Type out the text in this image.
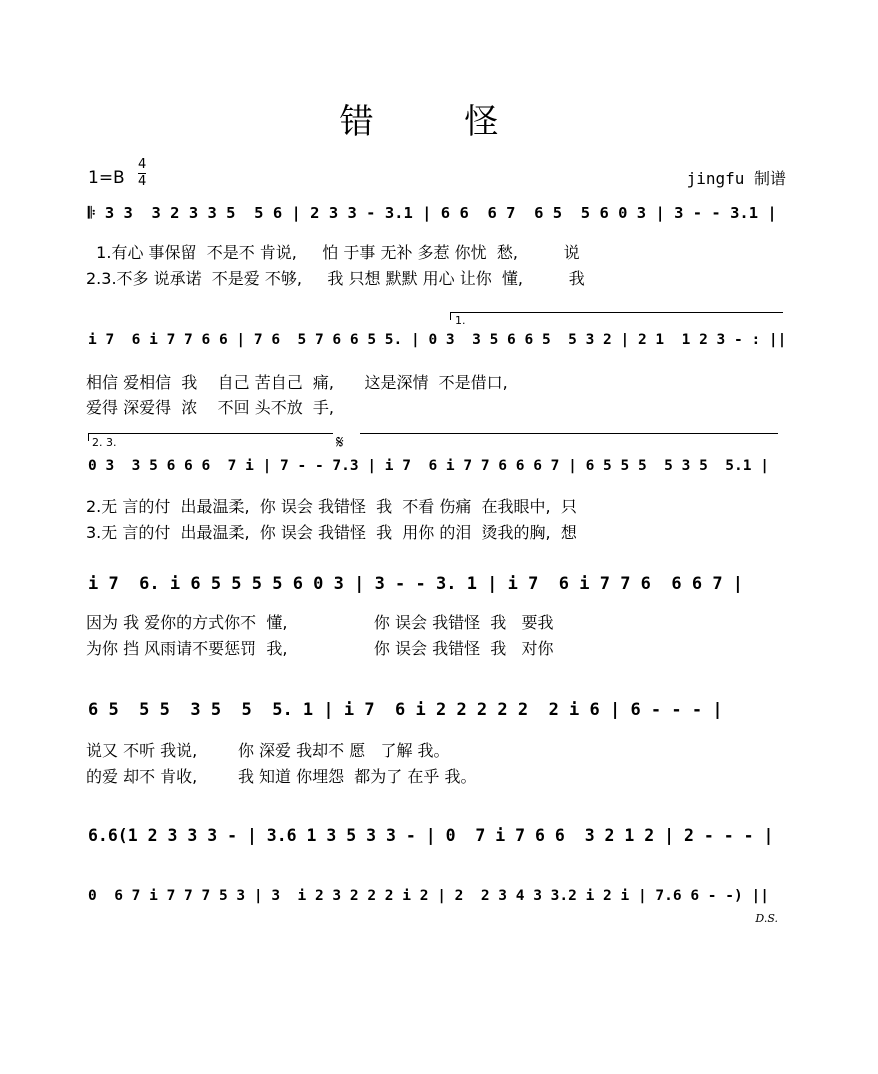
错 怪
1=B
4
4	jingfu 制谱
𝄆 3 3  3 2 3 3 5  5 6 | 2 3 3 - 3.1 | 6 6  6 7  6 5  5 6 0 3 | 3 - - 3.1 |
1.有心 事保留  不是不 肯说,     怕 于事 无补 多惹 你忧  愁,         说
2.3.不多 说承诺  不是爱 不够,     我 只想 默默 用心 让你  懂,         我
1.
i 7  6 i 7 7 6 6 | 7 6  5 7 6 6 5 5. | 0 3  3 5 6 6 5  5 3 2 | 2 1  1 2 3 - : ||
相信 爱相信  我    自己 苦自己  痛,      这是深情  不是借口,
爱得 深爱得  浓    不回 头不放  手,
2. 3.	𝄋
0 3  3 5 6 6 6  7 i | 7 - - 7.3 | i 7  6 i 7 7 6 6 6 7 | 6 5 5 5  5 3 5  5.1 |
2.无 言的付  出最温柔,  你 误会 我错怪  我  不看 伤痛  在我眼中,  只
3.无 言的付  出最温柔,  你 误会 我错怪  我  用你 的泪  烫我的胸,  想
i 7  6. i 6 5 5 5 5 6 0 3 | 3 - - 3. 1 | i 7  6 i 7 7 6  6 6 7 |
因为 我 爱你的方式你不  懂,                 你 误会 我错怪  我   要我
为你 挡 风雨请不要惩罚  我,                 你 误会 我错怪  我   对你
6 5  5 5  3 5  5  5. 1 | i 7  6 i 2 2 2 2 2  2 i 6 | 6 - - - |
说又 不听 我说,        你 深爱 我却不 愿   了解 我。
的爱 却不 肯收,        我 知道 你埋怨  都为了 在乎 我。
6.6(1 2 3 3 3 - | 3.6 1 3 5 3 3 - | 0  7 i 7 6 6  3 2 1 2 | 2 - - - |
0  6 7 i 7 7 7 5 3 | 3  i 2 3 2 2 2 i 2 | 2  2 3 4 3 3.2 i 2 i | 7.6 6 - -) ||
D.S.
